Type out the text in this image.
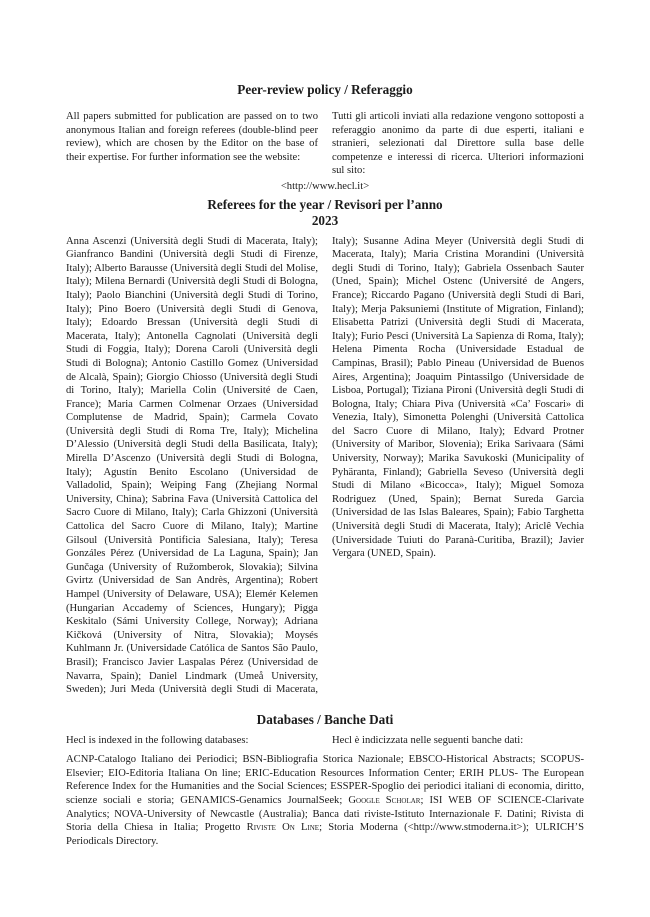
Peer-review policy / Referaggio
All papers submitted for publication are passed on to two anonymous Italian and foreign referees (double-blind peer review), which are chosen by the Editor on the base of their expertise. For further information see the website:
Tutti gli articoli inviati alla redazione vengono sottoposti a referaggio anonimo da parte di due esperti, italiani e stranieri, selezionati dal Direttore sulla base delle competenze e interessi di ricerca. Ulteriori informazioni sul sito:
<http://www.hecl.it>
Referees for the year / Revisori per l’anno
2023

Anna Ascenzi (Università degli Studi di Macerata, Italy); Gianfranco Bandini (Università degli Studi di Firenze, Italy); Alberto Barausse (Università degli Studi del Molise, Italy); Milena Bernardi (Università degli Studi di Bologna, Italy); Paolo Bianchini (Università degli Studi di Torino, Italy); Pino Boero (Università degli Studi di Genova, Italy); Edoardo Bressan (Università degli Studi di Macerata, Italy); Antonella Cagnolati (Università degli Studi di Foggia, Italy); Dorena Caroli (Università degli Studi di Bologna); Antonio Castillo Gomez (Universidad de Alcalà, Spain); Giorgio Chiosso (Università degli Studi di Torino, Italy); Mariella Colin (Université de Caen, France); Maria Carmen Colmenar Orzaes (Universidad Complutense de Madrid, Spain); Carmela Covato (Università degli Studi di Roma Tre, Italy); Michelina D’Alessio (Università degli Studi della Basilicata, Italy); Mirella D’Ascenzo (Università degli Studi di Bologna, Italy); Agustín Benito Escolano (Universidad de Valladolid, Spain); Weiping Fang (Zhejiang Normal University, China); Sabrina Fava (Università Cattolica del Sacro Cuore di Milano, Italy); Carla Ghizzoni (Università Cattolica del Sacro Cuore di Milano, Italy); Martine Gilsoul (Università Pontificia Salesiana, Italy); Teresa Gonzáles Pérez (Universidad de La Laguna, Spain); Jan Gunčaga (University of Ružomberok, Slovakia); Silvina Gvirtz (Universidad de San Andrès, Argentina); Robert Hampel (University of Delaware, USA); Elemér Kelemen (Hungarian Accademy of Sciences, Hungary); Pigga Keskitalo (Sámi University College, Norway); Adriana Kičková (University of Nitra, Slovakia); Moysés Kuhlmann Jr. (Universidade Católica de Santos São Paulo, Brasil); Francisco Javier Laspalas Pérez (Universidad de Navarra, Spain); Daniel Lindmark (Umeå University, Sweden); Juri Meda (Università degli Studi di Macerata, Italy); Susanne Adina Meyer (Università degli Studi di Macerata, Italy); Maria Cristina Morandini (Università degli Studi di Torino, Italy); Gabriela Ossenbach Sauter (Uned, Spain); Michel Ostenc (Université de Angers, France); Riccardo Pagano (Università degli Studi di Bari, Italy); Merja Paksuniemi (Institute of Migration, Finland); Elisabetta Patrizi (Università degli Studi di Macerata, Italy); Furio Pesci (Università La Sapienza di Roma, Italy); Helena Pimenta Rocha (Universidade Estadual de Campinas, Brasil); Pablo Pineau (Universidad de Buenos Aires, Argentina); Joaquim Pintassilgo (Universidade de Lisboa, Portugal); Tiziana Pironi (Università degli Studi di Bologna, Italy; Chiara Piva (Università «Ca’ Foscari» di Venezia, Italy), Simonetta Polenghi (Università Cattolica del Sacro Cuore di Milano, Italy); Edvard Protner (University of Maribor, Slovenia); Erika Sarivaara (Sámi University, Norway); Marika Savukoski (Municipality of Pyhäranta, Finland); Gabriella Seveso (Università degli Studi di Milano «Bicocca», Italy); Miguel Somoza Rodriguez (Uned, Spain); Bernat Sureda Garcìa (Universidad de las Islas Baleares, Spain); Fabio Targhetta (Università degli Studi di Macerata, Italy); Ariclê Vechia (Universidade Tuiuti do Paranà-Curitiba, Brazil); Javier Vergara (UNED, Spain).

Databases / Banche Dati
Hecl is indexed in the following databases:	Hecl è indicizzata nelle seguenti banche dati:

ACNP-Catalogo Italiano dei Periodici; BSN-Bibliografia Storica Nazionale; EBSCO-Historical Abstracts; SCOPUS-Elsevier; EIO-Editoria Italiana On line; ERIC-Education Resources Information Center; ERIH PLUS- The European Reference Index for the Humanities and the Social Sciences; ESSPER-Spoglio dei periodici italiani di economia, diritto, scienze sociali e storia; GENAMICS-Genamics JournalSeek; Google Scholar; ISI WEB OF SCIENCE-Clarivate Analytics; NOVA-University of Newcastle (Australia); Banca dati riviste-Istituto Internazionale F. Datini; Rivista di Storia della Chiesa in Italia; Progetto Riviste On Line; Storia Moderna (<http://www.stmoderna.it>); ULRICH’S Periodicals Directory.
